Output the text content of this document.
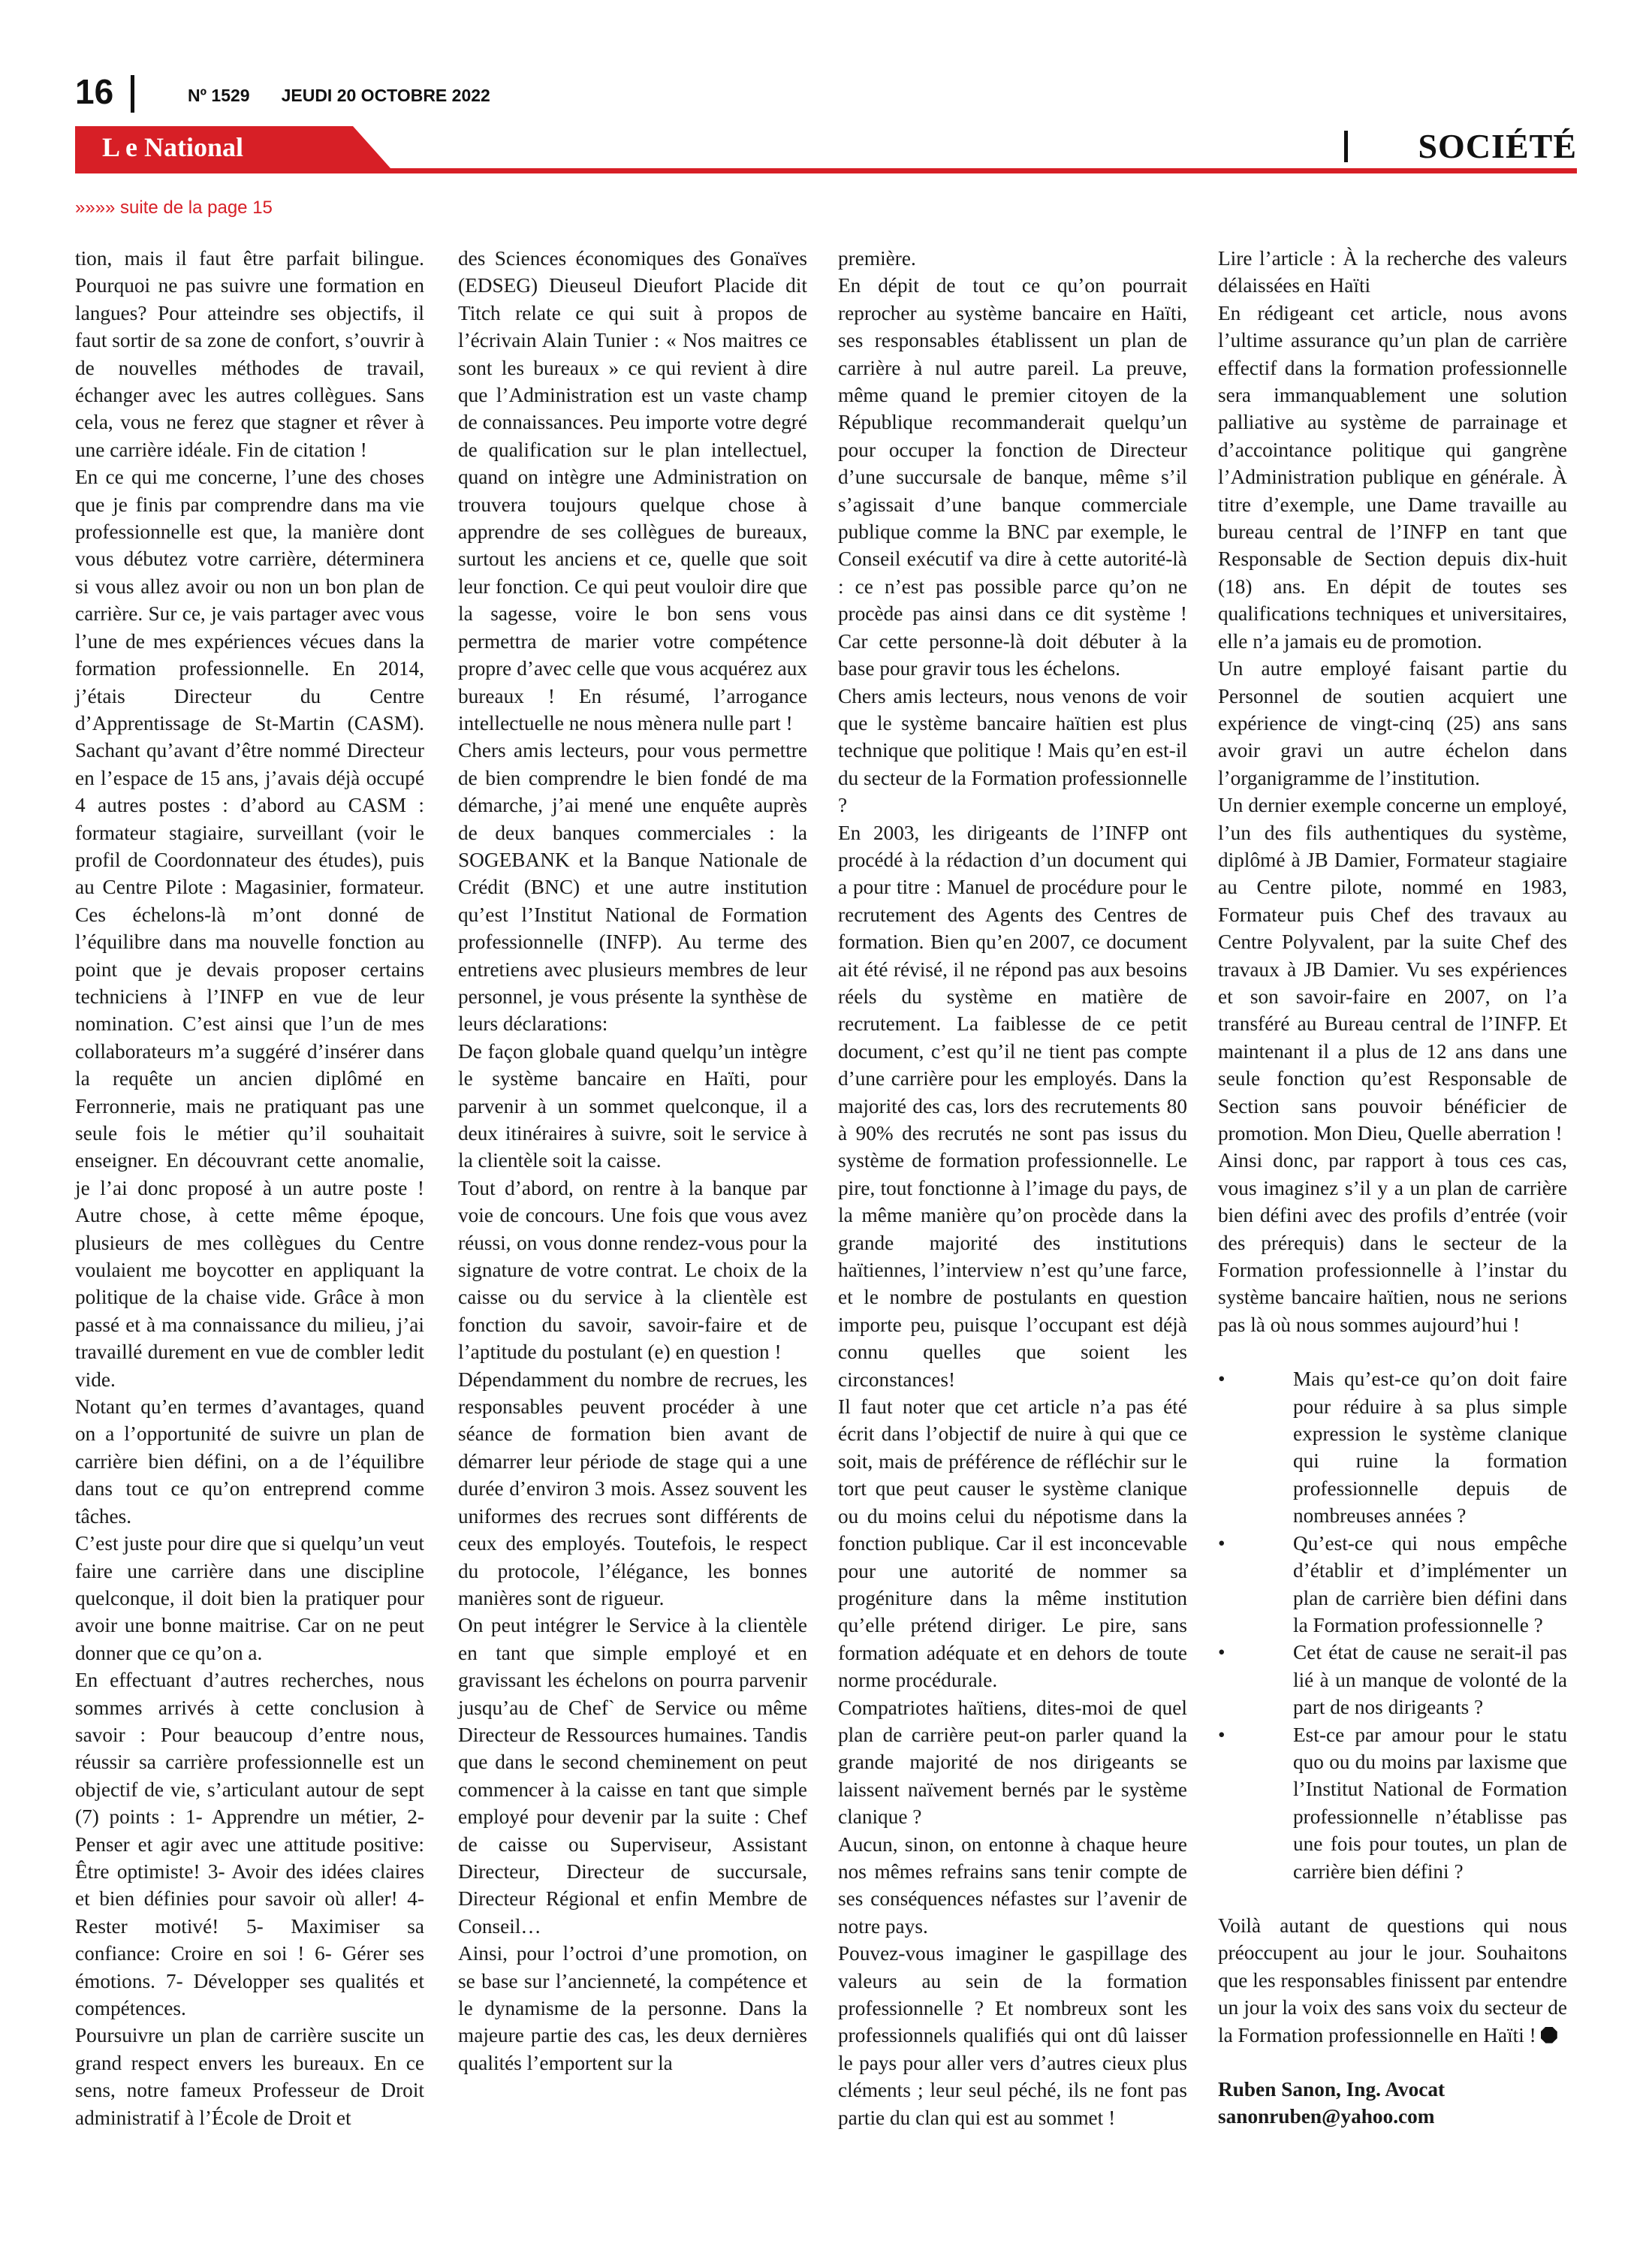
16	Nº 1529 JEUDI 20 OCTOBRE 2022
L e National	SOCIÉTÉ
»»»» suite de la page 15

tion, mais il faut être parfait bilingue. Pourquoi ne pas suivre une formation en langues? Pour atteindre ses objectifs, il faut sortir de sa zone de confort, s’ouvrir à de nouvelles méthodes de travail, échanger avec les autres collègues. Sans cela, vous ne ferez que stagner et rêver à une carrière idéale. Fin de citation !

En ce qui me concerne, l’une des choses que je finis par comprendre dans ma vie professionnelle est que, la manière dont vous débutez votre carrière, déterminera si vous allez avoir ou non un bon plan de carrière. Sur ce, je vais partager avec vous l’une de mes expériences vécues dans la formation professionnelle. En 2014, j’étais Directeur du Centre d’Apprentissage de St-Martin (CASM). Sachant qu’avant d’être nommé Directeur en l’espace de 15 ans, j’avais déjà occupé 4 autres postes : d’abord au CASM : formateur stagiaire, surveillant (voir le profil de Coordonnateur des études), puis au Centre Pilote : Magasinier, formateur. Ces échelons-là m’ont donné de l’équilibre dans ma nouvelle fonction au point que je devais proposer certains techniciens à l’INFP en vue de leur nomination. C’est ainsi que l’un de mes collaborateurs m’a suggéré d’insérer dans la requête un ancien diplômé en Ferronnerie, mais ne pratiquant pas une seule fois le métier qu’il souhaitait enseigner. En découvrant cette anomalie, je l’ai donc proposé à un autre poste ! Autre chose, à cette même époque, plusieurs de mes collègues du Centre voulaient me boycotter en appliquant la politique de la chaise vide. Grâce à mon passé et à ma connaissance du milieu, j’ai travaillé durement en vue de combler ledit vide.

Notant qu’en termes d’avantages, quand on a l’opportunité de suivre un plan de carrière bien défini, on a de l’équilibre dans tout ce qu’on entreprend comme tâches.

C’est juste pour dire que si quelqu’un veut faire une carrière dans une discipline quelconque, il doit bien la pratiquer pour avoir une bonne maitrise. Car on ne peut donner que ce qu’on a.

En effectuant d’autres recherches, nous sommes arrivés à cette conclusion à savoir : Pour beaucoup d’entre nous, réussir sa carrière professionnelle est un objectif de vie, s’articulant autour de sept (7) points : 1- Apprendre un métier, 2- Penser et agir avec une attitude positive: Être optimiste! 3- Avoir des idées claires et bien définies pour savoir où aller! 4- Rester motivé! 5- Maximiser sa confiance: Croire en soi ! 6- Gérer ses émotions. 7- Développer ses qualités et compétences.

Poursuivre un plan de carrière suscite un grand respect envers les bureaux. En ce sens, notre fameux Professeur de Droit administratif à l’École de Droit et

des Sciences économiques des Gonaïves (EDSEG) Dieuseul Dieufort Placide dit Titch relate ce qui suit à propos de l’écrivain Alain Tunier : « Nos maitres ce sont les bureaux » ce qui revient à dire que l’Administration est un vaste champ de connaissances. Peu importe votre degré de qualification sur le plan intellectuel, quand on intègre une Administration on trouvera toujours quelque chose à apprendre de ses collègues de bureaux, surtout les anciens et ce, quelle que soit leur fonction. Ce qui peut vouloir dire que la sagesse, voire le bon sens vous permettra de marier votre compétence propre d’avec celle que vous acquérez aux bureaux ! En résumé, l’arrogance intellectuelle ne nous mènera nulle part !

Chers amis lecteurs, pour vous permettre de bien comprendre le bien fondé de ma démarche, j’ai mené une enquête auprès de deux banques commerciales : la SOGEBANK et la Banque Nationale de Crédit (BNC) et une autre institution qu’est l’Institut National de Formation professionnelle (INFP). Au terme des entretiens avec plusieurs membres de leur personnel, je vous présente la synthèse de leurs déclarations:

De façon globale quand quelqu’un intègre le système bancaire en Haïti, pour parvenir à un sommet quelconque, il a deux itinéraires à suivre, soit le service à la clientèle soit la caisse.

Tout d’abord, on rentre à la banque par voie de concours. Une fois que vous avez réussi, on vous donne rendez-vous pour la signature de votre contrat. Le choix de la caisse ou du service à la clientèle est fonction du savoir, savoir-faire et de l’aptitude du postulant (e) en question !

Dépendamment du nombre de recrues, les responsables peuvent procéder à une séance de formation bien avant de démarrer leur période de stage qui a une durée d’environ 3 mois. Assez souvent les uniformes des recrues sont différents de ceux des employés. Toutefois, le respect du protocole, l’élégance, les bonnes manières sont de rigueur.

On peut intégrer le Service à la clientèle en tant que simple employé et en gravissant les échelons on pourra parvenir jusqu’au de Chef` de Service ou même Directeur de Ressources humaines. Tandis que dans le second cheminement on peut commencer à la caisse en tant que simple employé pour devenir par la suite : Chef de caisse ou Superviseur, Assistant Directeur, Directeur de succursale, Directeur Régional et enfin Membre de Conseil…

Ainsi, pour l’octroi d’une promotion, on se base sur l’ancienneté, la compétence et le dynamisme de la personne. Dans la majeure partie des cas, les deux dernières qualités l’emportent sur la

première.

En dépit de tout ce qu’on pourrait reprocher au système bancaire en Haïti, ses responsables établissent un plan de carrière à nul autre pareil. La preuve, même quand le premier citoyen de la République recommanderait quelqu’un pour occuper la fonction de Directeur d’une succursale de banque, même s’il s’agissait d’une banque commerciale publique comme la BNC par exemple, le Conseil exécutif va dire à cette autorité-là : ce n’est pas possible parce qu’on ne procède pas ainsi dans ce dit système ! Car cette personne-là doit débuter à la base pour gravir tous les échelons.

Chers amis lecteurs, nous venons de voir que le système bancaire haïtien est plus technique que politique ! Mais qu’en est-il du secteur de la Formation professionnelle ?

En 2003, les dirigeants de l’INFP ont procédé à la rédaction d’un document qui a pour titre : Manuel de procédure pour le recrutement des Agents des Centres de formation. Bien qu’en 2007, ce document ait été révisé, il ne répond pas aux besoins réels du système en matière de recrutement. La faiblesse de ce petit document, c’est qu’il ne tient pas compte d’une carrière pour les employés. Dans la majorité des cas, lors des recrutements 80 à 90% des recrutés ne sont pas issus du système de formation professionnelle. Le pire, tout fonctionne à l’image du pays, de la même manière qu’on procède dans la grande majorité des institutions haïtiennes, l’interview n’est qu’une farce, et le nombre de postulants en question importe peu, puisque l’occupant est déjà connu quelles que soient les circonstances!

Il faut noter que cet article n’a pas été écrit dans l’objectif de nuire à qui que ce soit, mais de préférence de réfléchir sur le tort que peut causer le système clanique ou du moins celui du népotisme dans la fonction publique. Car il est inconcevable pour une autorité de nommer sa progéniture dans la même institution qu’elle prétend diriger. Le pire, sans formation adéquate et en dehors de toute norme procédurale.

Compatriotes haïtiens, dites-moi de quel plan de carrière peut-on parler quand la grande majorité de nos dirigeants se laissent naïvement bernés par le système clanique ?

Aucun, sinon, on entonne à chaque heure nos mêmes refrains sans tenir compte de ses conséquences néfastes sur l’avenir de notre pays.

Pouvez-vous imaginer le gaspillage des valeurs au sein de la formation professionnelle ? Et nombreux sont les professionnels qualifiés qui ont dû laisser le pays pour aller vers d’autres cieux plus cléments ; leur seul péché, ils ne font pas partie du clan qui est au sommet !

Lire l’article : À la recherche des valeurs délaissées en Haïti

En rédigeant cet article, nous avons l’ultime assurance qu’un plan de carrière effectif dans la formation professionnelle sera immanquablement une solution palliative au système de parrainage et d’accointance politique qui gangrène l’Administration publique en générale. À titre d’exemple, une Dame travaille au bureau central de l’INFP en tant que Responsable de Section depuis dix-huit (18) ans. En dépit de toutes ses qualifications techniques et universitaires, elle n’a jamais eu de promotion.

Un autre employé faisant partie du Personnel de soutien acquiert une expérience de vingt-cinq (25) ans sans avoir gravi un autre échelon dans l’organigramme de l’institution.

Un dernier exemple concerne un employé, l’un des fils authentiques du système, diplômé à JB Damier, Formateur stagiaire au Centre pilote, nommé en 1983, Formateur puis Chef des travaux au Centre Polyvalent, par la suite Chef des travaux à JB Damier. Vu ses expériences et son savoir-faire en 2007, on l’a transféré au Bureau central de l’INFP. Et maintenant il a plus de 12 ans dans une seule fonction qu’est Responsable de Section sans pouvoir bénéficier de promotion. Mon Dieu, Quelle aberration !

Ainsi donc, par rapport à tous ces cas, vous imaginez s’il y a un plan de carrière bien défini avec des profils d’entrée (voir des prérequis) dans le secteur de la Formation professionnelle à l’instar du système bancaire haïtien, nous ne serions pas là où nous sommes aujourd’hui !

•	Mais qu’est-ce qu’on doit faire pour réduire à sa plus simple expression le système clanique qui ruine la formation professionnelle depuis de nombreuses années ?
•	Qu’est-ce qui nous empêche d’établir et d’implémenter un plan de carrière bien défini dans la Formation professionnelle ?
•	Cet état de cause ne serait-il pas lié à un manque de volonté de la part de nos dirigeants ?
•	Est-ce par amour pour le statu quo ou du moins par laxisme que l’Institut National de Formation professionnelle n’établisse pas une fois pour toutes, un plan de carrière bien défini ?

Voilà autant de questions qui nous préoccupent au jour le jour. Souhaitons que les responsables finissent par entendre un jour la voix des sans voix du secteur de la Formation professionnelle en Haïti !

Ruben Sanon, Ing. Avocat

sanonruben@yahoo.com
